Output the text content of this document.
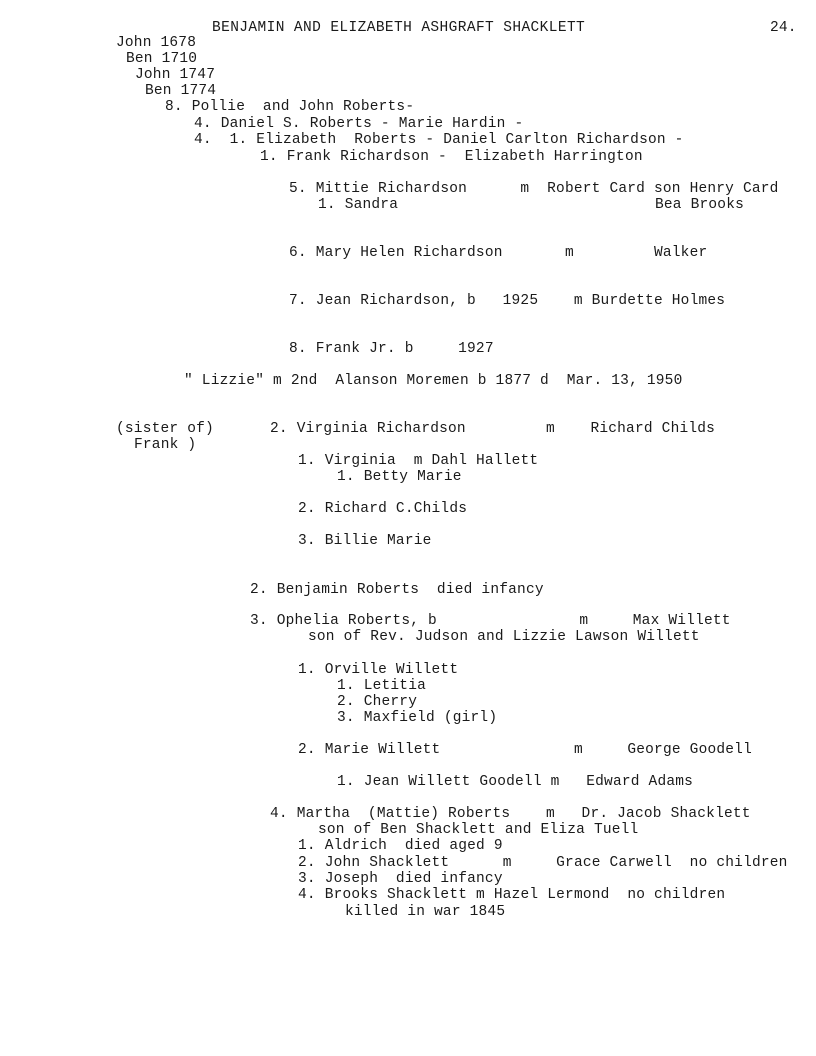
BENJAMIN AND ELIZABETH ASHGRAFT SHACKLETT	24.
John 1678
Ben 1710
John 1747
Ben 1774
8. Pollie  and John Roberts-
4. Daniel S. Roberts - Marie Hardin -
4.  1. Elizabeth  Roberts - Daniel Carlton Richardson -
1. Frank Richardson -  Elizabeth Harrington
5. Mittie Richardson      m  Robert Card son Henry Card
1. Sandra	Bea Brooks
6. Mary Helen Richardson       m         Walker
7. Jean Richardson, b   1925    m Burdette Holmes
8. Frank Jr. b     1927
" Lizzie" m 2nd  Alanson Moremen b 1877 d  Mar. 13, 1950
(sister of)
Frank )
2. Virginia Richardson         m    Richard Childs
1. Virginia  m Dahl Hallett
1. Betty Marie
2. Richard C.Childs
3. Billie Marie
2. Benjamin Roberts  died infancy
3. Ophelia Roberts, b                m     Max Willett
son of Rev. Judson and Lizzie Lawson Willett
1. Orville Willett
1. Letitia
2. Cherry
3. Maxfield (girl)
2. Marie Willett               m     George Goodell
1. Jean Willett Goodell m   Edward Adams
4. Martha  (Mattie) Roberts    m   Dr. Jacob Shacklett
son of Ben Shacklett and Eliza Tuell
1. Aldrich  died aged 9
2. John Shacklett      m     Grace Carwell  no children
3. Joseph  died infancy
4. Brooks Shacklett m Hazel Lermond  no children
killed in war 1845
